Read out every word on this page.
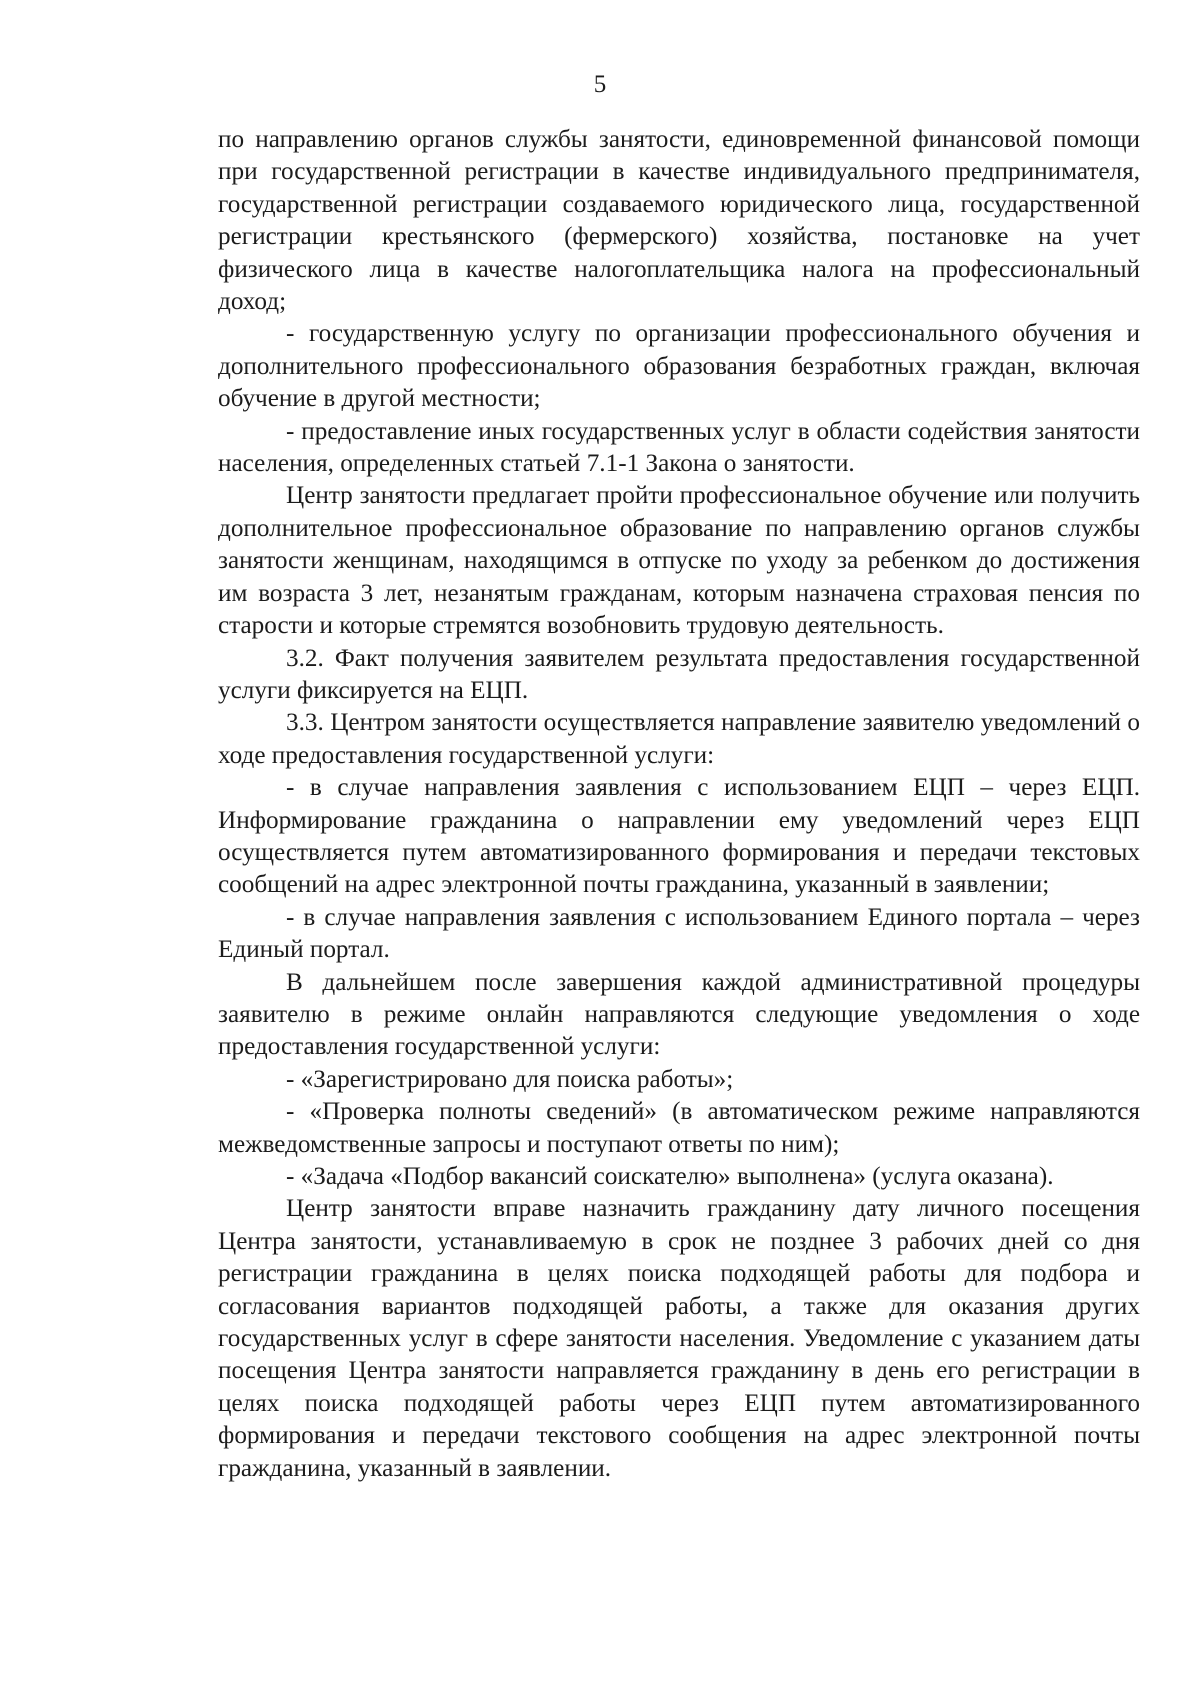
5

по направлению органов службы занятости, единовременной финансовой помощи при государственной регистрации в качестве индивидуального предпринимателя, государственной регистрации создаваемого юридического лица, государственной регистрации крестьянского (фермерского) хозяйства, постановке на учет физического лица в качестве налогоплательщика налога на профессиональный доход;

- государственную услугу по организации профессионального обучения и дополнительного профессионального образования безработных граждан, включая обучение в другой местности;

- предоставление иных государственных услуг в области содействия занятости населения, определенных статьей 7.1-1 Закона о занятости.

Центр занятости предлагает пройти профессиональное обучение или получить дополнительное профессиональное образование по направлению органов службы занятости женщинам, находящимся в отпуске по уходу за ребенком до достижения им возраста 3 лет, незанятым гражданам, которым назначена страховая пенсия по старости и которые стремятся возобновить трудовую деятельность.

3.2. Факт получения заявителем результата предоставления государственной услуги фиксируется на ЕЦП.

3.3. Центром занятости осуществляется направление заявителю уведомлений о ходе предоставления государственной услуги:

- в случае направления заявления с использованием ЕЦП – через ЕЦП. Информирование гражданина о направлении ему уведомлений через ЕЦП осуществляется путем автоматизированного формирования и передачи текстовых сообщений на адрес электронной почты гражданина, указанный в заявлении;

- в случае направления заявления с использованием Единого портала – через Единый портал.

В дальнейшем после завершения каждой административной процедуры заявителю в режиме онлайн направляются следующие уведомления о ходе предоставления государственной услуги:

- «Зарегистрировано для поиска работы»;

- «Проверка полноты сведений» (в автоматическом режиме направляются межведомственные запросы и поступают ответы по ним);

- «Задача «Подбор вакансий соискателю» выполнена» (услуга оказана).

Центр занятости вправе назначить гражданину дату личного посещения Центра занятости, устанавливаемую в срок не позднее 3 рабочих дней со дня регистрации гражданина в целях поиска подходящей работы для подбора и согласования вариантов подходящей работы, а также для оказания других государственных услуг в сфере занятости населения. Уведомление с указанием даты посещения Центра занятости направляется гражданину в день его регистрации в целях поиска подходящей работы через ЕЦП путем автоматизированного формирования и передачи текстового сообщения на адрес электронной почты гражданина, указанный в заявлении.
